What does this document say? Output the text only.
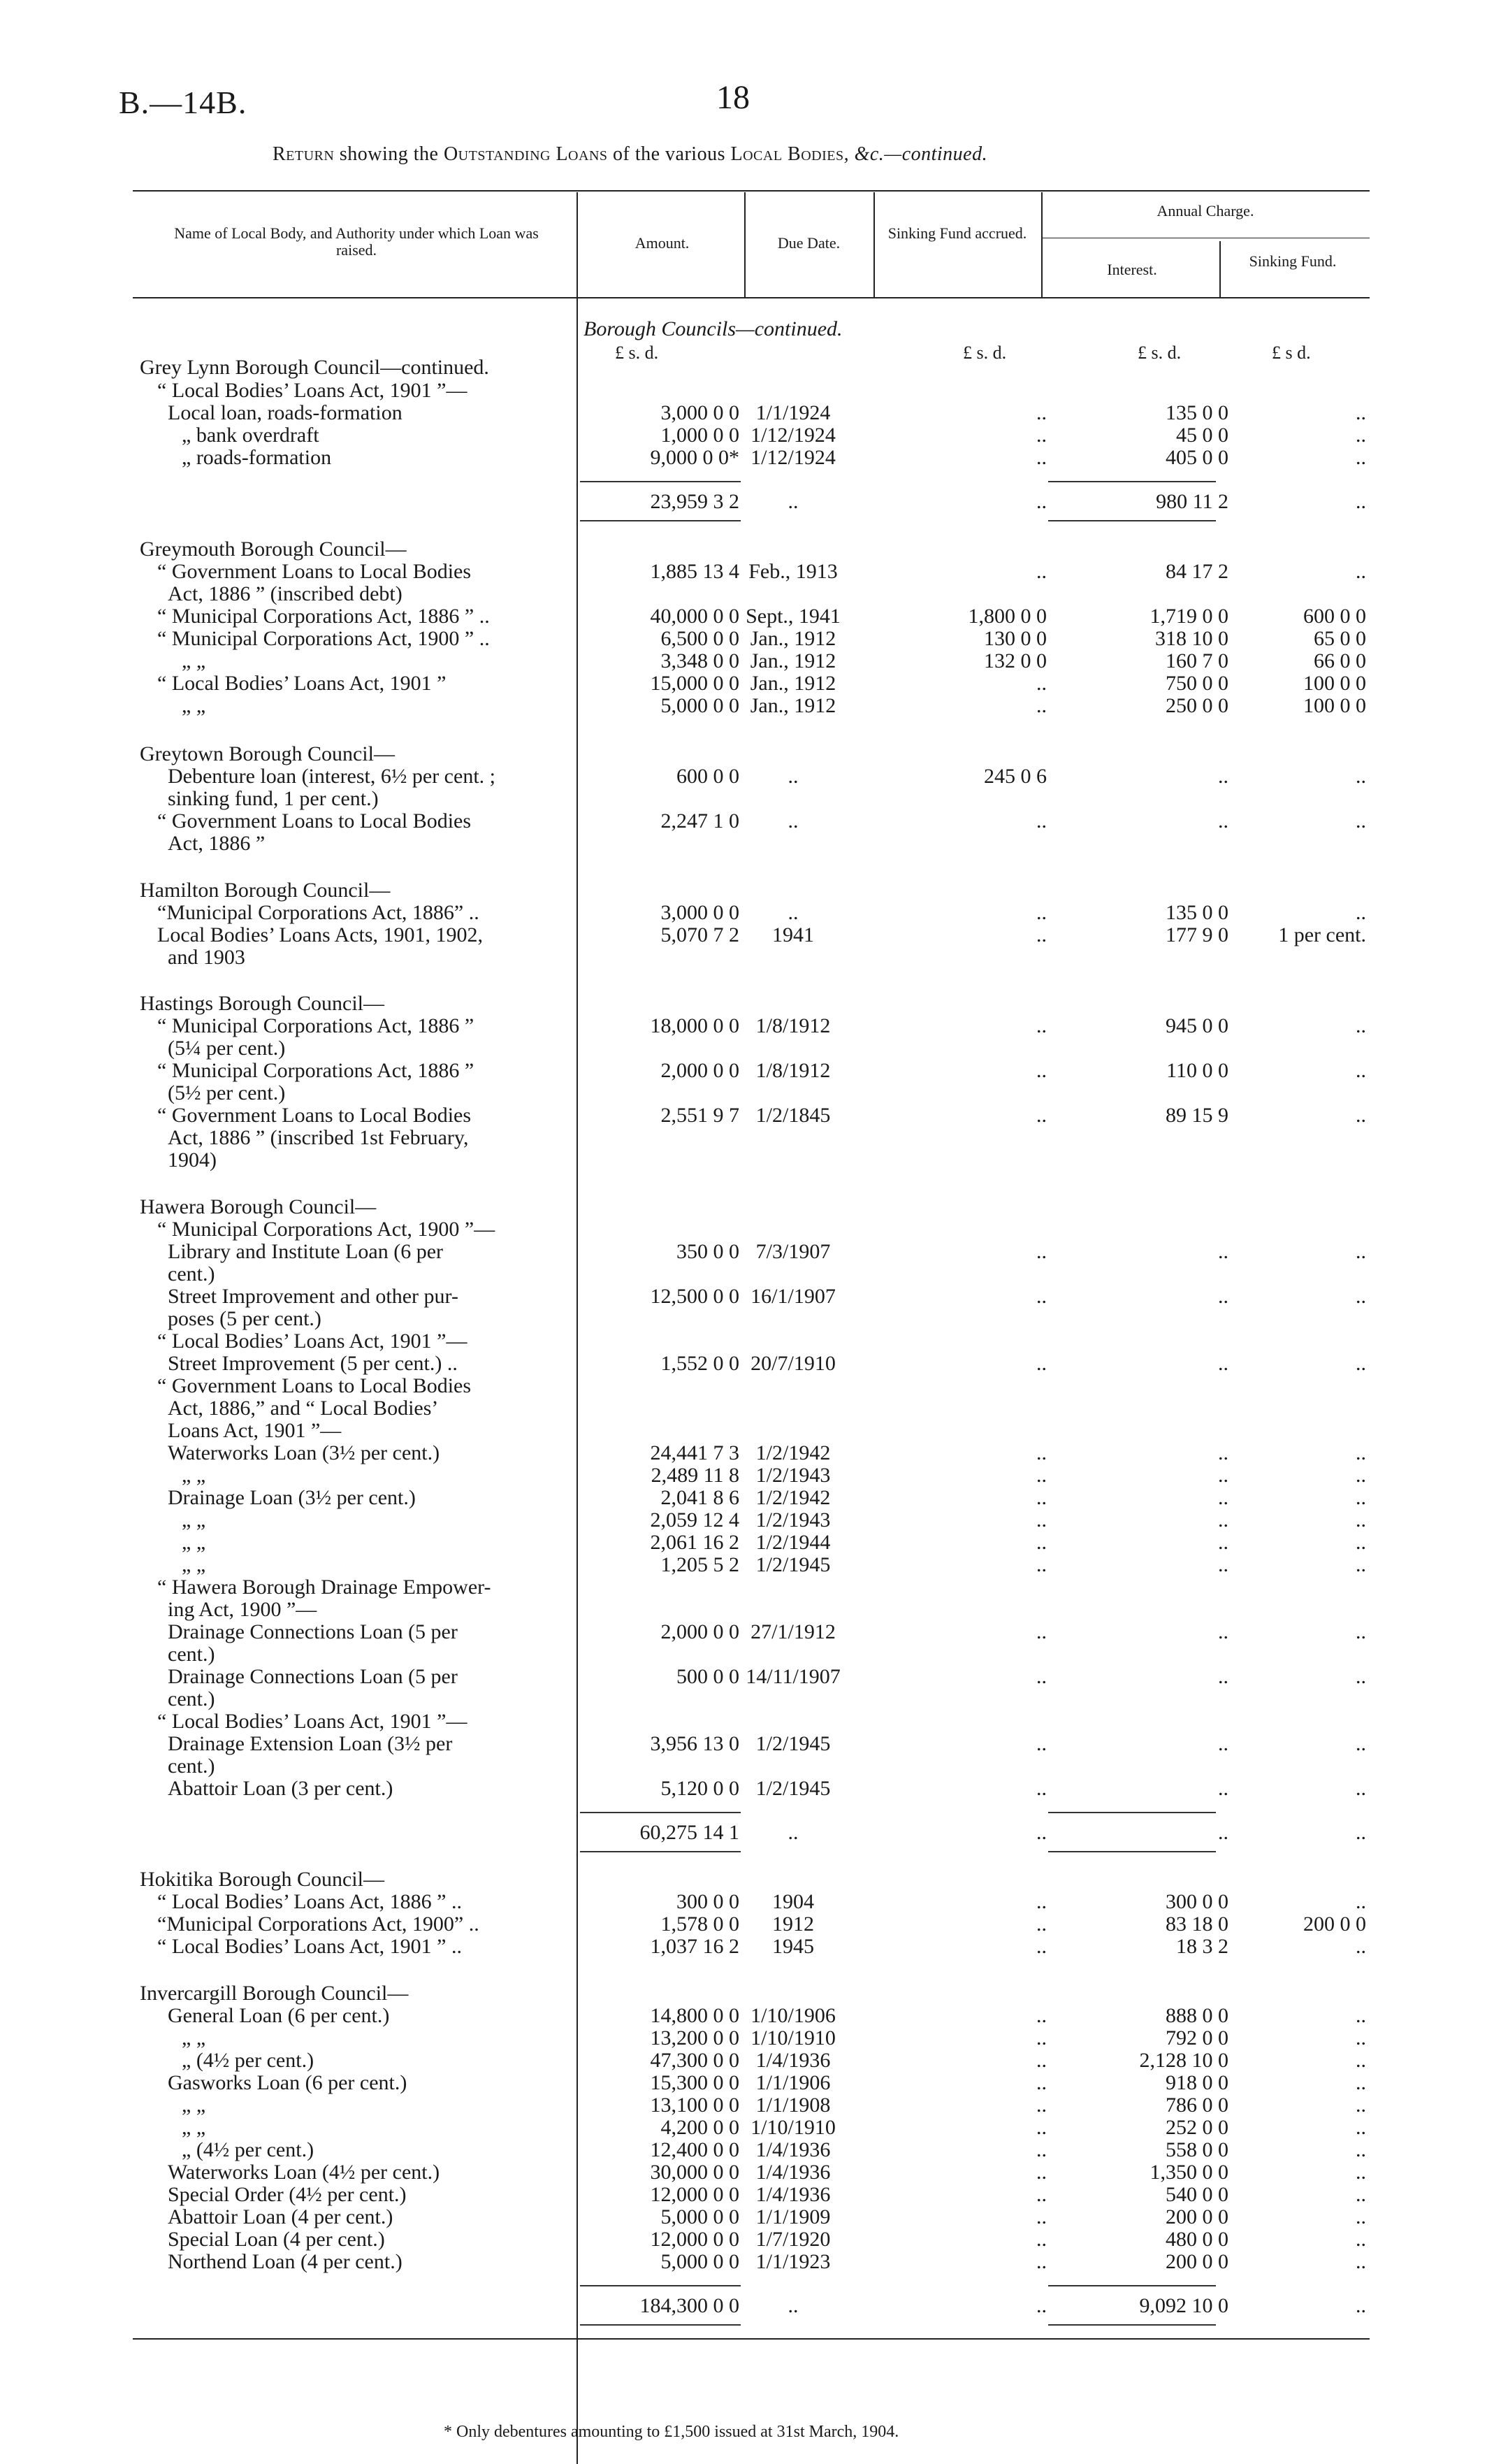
B.—14B.	18
Return showing the Outstanding Loans of the various Local Bodies, &c.—continued.
Name of Local Body, and Authority under which Loan was raised.	Amount.	Due Date.
Sinking Fund accrued.
Annual Charge.
Interest.	Sinking Fund.
Borough Councils—continued.
£ s. d.	£ s. d.	£ s. d.	£ s d.
Grey Lynn Borough Council—continued.
“ Local Bodies’ Loans Act, 1901 ”—
Local loan, roads-formation	3,000 0 0 1/1/1924	..	135 0 0	..
„ bank overdraft	1,000 0 0 1/12/1924	..	45 0 0	..
„ roads-formation	9,000 0 0* 1/12/1924	..	405 0 0	..
23,959 3 2	..	..	980 11 2	..
Greymouth Borough Council—
“ Government Loans to Local Bodies	1,885 13 4 Feb., 1913	..	84 17 2	..
Act, 1886 ” (inscribed debt)
“ Municipal Corporations Act, 1886 ” ..	40,000 0 0 Sept., 1941	1,800 0 0	1,719 0 0	600 0 0
“ Municipal Corporations Act, 1900 ” ..	6,500 0 0 Jan., 1912	130 0 0	318 10 0	65 0 0
„ „	3,348 0 0 Jan., 1912	132 0 0	160 7 0	66 0 0
“ Local Bodies’ Loans Act, 1901 ”	15,000 0 0 Jan., 1912	..	750 0 0	100 0 0
„ „	5,000 0 0 Jan., 1912	..	250 0 0	100 0 0
Greytown Borough Council—
Debenture loan (interest, 6½ per cent. ;	600 0 0	..	245 0 6	..	..
sinking fund, 1 per cent.)
“ Government Loans to Local Bodies	2,247 1 0	..	..	..	..
Act, 1886 ”
Hamilton Borough Council—
“Municipal Corporations Act, 1886” ..	3,000 0 0	..	..	135 0 0	..
Local Bodies’ Loans Acts, 1901, 1902,	5,070 7 2	1941	..	177 9 0 1 per cent.
and 1903
Hastings Borough Council—
“ Municipal Corporations Act, 1886 ”	18,000 0 0 1/8/1912	..	945 0 0	..
(5¼ per cent.)
“ Municipal Corporations Act, 1886 ”	2,000 0 0 1/8/1912	..	110 0 0	..
(5½ per cent.)
“ Government Loans to Local Bodies	2,551 9 7 1/2/1845	..	89 15 9	..
Act, 1886 ” (inscribed 1st February,
1904)
Hawera Borough Council—
“ Municipal Corporations Act, 1900 ”—
Library and Institute Loan (6 per	350 0 0 7/3/1907	..	..	..
cent.)
Street Improvement and other pur-	12,500 0 0 16/1/1907	..	..	..
poses (5 per cent.)
“ Local Bodies’ Loans Act, 1901 ”—
Street Improvement (5 per cent.) ..	1,552 0 0 20/7/1910	..	..	..
“ Government Loans to Local Bodies
Act, 1886,” and “ Local Bodies’
Loans Act, 1901 ”—
Waterworks Loan (3½ per cent.)	24,441 7 3 1/2/1942	..	..	..
„ „	2,489 11 8 1/2/1943	..	..	..
Drainage Loan (3½ per cent.)	2,041 8 6 1/2/1942	..	..	..
„ „	2,059 12 4 1/2/1943	..	..	..
„ „	2,061 16 2 1/2/1944	..	..	..
„ „	1,205 5 2 1/2/1945	..	..	..
“ Hawera Borough Drainage Empower-
ing Act, 1900 ”—
Drainage Connections Loan (5 per	2,000 0 0 27/1/1912	..	..	..
cent.)
Drainage Connections Loan (5 per	500 0 0 14/11/1907	..	..	..
cent.)
“ Local Bodies’ Loans Act, 1901 ”—
Drainage Extension Loan (3½ per	3,956 13 0 1/2/1945	..	..	..
cent.)
Abattoir Loan (3 per cent.)	5,120 0 0 1/2/1945	..	..	..
60,275 14 1	..	..	..	..
Hokitika Borough Council—
“ Local Bodies’ Loans Act, 1886 ” ..	300 0 0	1904	..	300 0 0	..
“Municipal Corporations Act, 1900” ..	1,578 0 0	1912	..	83 18 0	200 0 0
“ Local Bodies’ Loans Act, 1901 ” ..	1,037 16 2	1945	..	18 3 2	..
Invercargill Borough Council—
General Loan (6 per cent.)	14,800 0 0 1/10/1906	..	888 0 0	..
„ „	13,200 0 0 1/10/1910	..	792 0 0	..
„ (4½ per cent.)	47,300 0 0 1/4/1936	..	2,128 10 0	..
Gasworks Loan (6 per cent.)	15,300 0 0 1/1/1906	..	918 0 0	..
„ „	13,100 0 0 1/1/1908	..	786 0 0	..
„ „	4,200 0 0 1/10/1910	..	252 0 0	..
„ (4½ per cent.)	12,400 0 0 1/4/1936	..	558 0 0	..
Waterworks Loan (4½ per cent.)	30,000 0 0 1/4/1936	..	1,350 0 0	..
Special Order (4½ per cent.)	12,000 0 0 1/4/1936	..	540 0 0	..
Abattoir Loan (4 per cent.)	5,000 0 0 1/1/1909	..	200 0 0	..
Special Loan (4 per cent.)	12,000 0 0 1/7/1920	..	480 0 0	..
Northend Loan (4 per cent.)	5,000 0 0 1/1/1923	..	200 0 0	..
184,300 0 0	..	..	9,092 10 0	..
* Only debentures amounting to £1,500 issued at 31st March, 1904.
